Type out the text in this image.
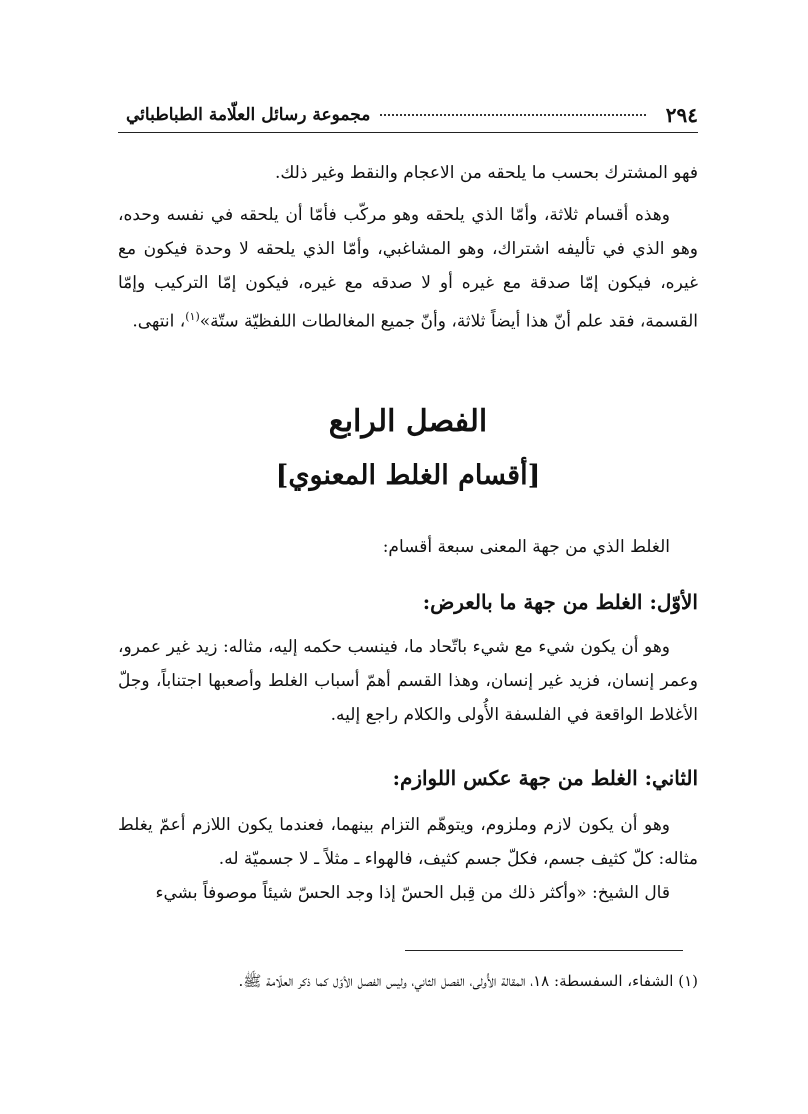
٢٩٤
مجموعة رسائل العلّامة الطباطبائي
فهو المشترك بحسب ما يلحقه من الاعجام والنقط وغير ذلك.
وهذه أقسام ثلاثة، وأمّا الذي يلحقه وهو مركّب فأمّا أن يلحقه في نفسه وحده، وهو الذي في تأليفه اشتراك، وهو المشاغبي، وأمّا الذي يلحقه لا وحدة فيكون مع غيره، فيكون إمّا صدقة مع غيره أو لا صدقه مع غيره، فيكون إمّا التركيب وإمّا القسمة، فقد علم أنّ هذا أيضاً ثلاثة، وأنّ جميع المغالطات اللفظيّة ستّة»$^{(١)}$، انتهى.
الفصل الرابع
[أقسام الغلط المعنوي]
الغلط الذي من جهة المعنى سبعة أقسام:
الأوّل: الغلط من جهة ما بالعرض:
وهو أن يكون شيء مع شيء باتّحاد ما، فينسب حكمه إليه، مثاله: زيد غير عمرو، وعمر إنسان، فزيد غير إنسان، وهذا القسم أهمّ أسباب الغلط وأصعبها اجتناباً، وجلّ الأغلاط الواقعة في الفلسفة الأُولى والكلام راجع إليه.
الثاني: الغلط من جهة عكس اللوازم:
وهو أن يكون لازم وملزوم، ويتوهّم التزام بينهما، فعندما يكون اللازم أعمّ يغلط مثاله: كلّ كثيف جسم، فكلّ جسم كثيف، فالهواء ـ مثلاً ـ لا جسميّة له.
قال الشيخ: «وأكثر ذلك من قِبل الحسّ إذا وجد الحسّ شيئاً موصوفاً بشيء
(١) الشفاء، السفسطة: ١٨، المقالة الأُولى، الفصل الثاني، وليس الفصل الأوّل كما ذكر العلّامة ﷺ.
